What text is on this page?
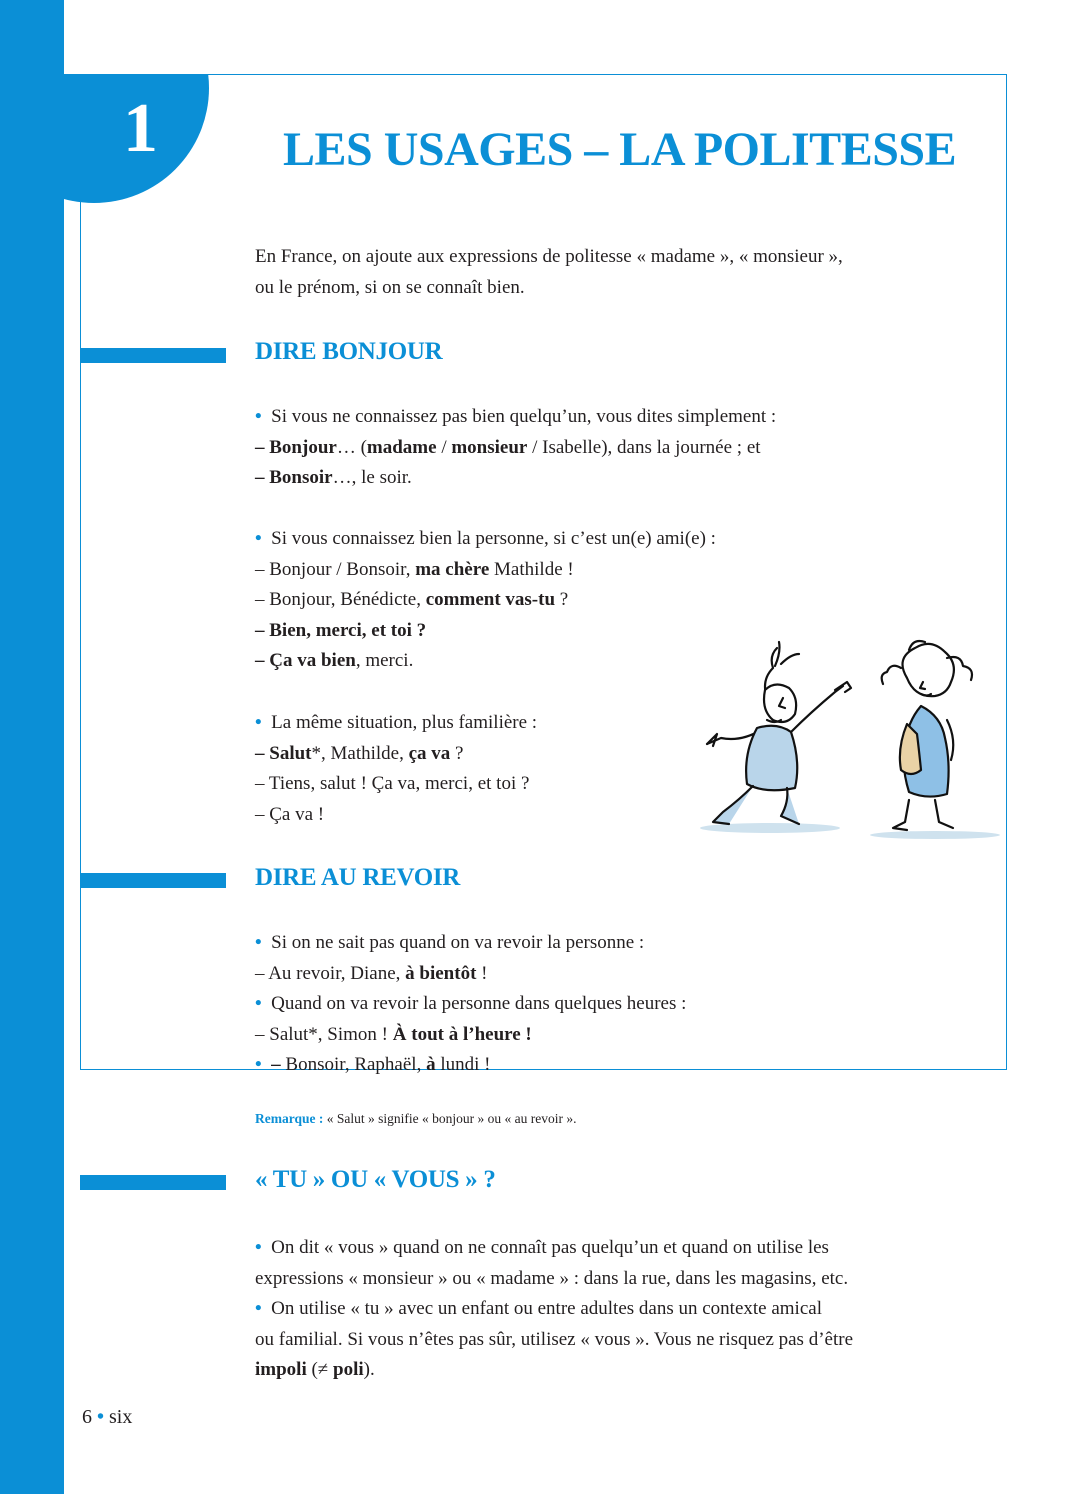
1	LES USAGES – LA POLITESSE

En France, on ajoute aux expressions de politesse « madame », « monsieur »,

ou le prénom, si on se connaît bien.

DIRE BONJOUR

• Si vous ne connaissez pas bien quelqu’un, vous dites simplement :

– Bonjour… (madame / monsieur / Isabelle), dans la journée ; et

– Bonsoir…, le soir.

• Si vous connaissez bien la personne, si c’est un(e) ami(e) :

– Bonjour / Bonsoir, ma chère Mathilde !

– Bonjour, Bénédicte, comment vas-tu ?

– Bien, merci, et toi ?

– Ça va bien, merci.

• La même situation, plus familière :

– Salut*, Mathilde, ça va ?

– Tiens, salut ! Ça va, merci, et toi ?

– Ça va !

DIRE AU REVOIR

• Si on ne sait pas quand on va revoir la personne :

– Au revoir, Diane, à bientôt !

• Quand on va revoir la personne dans quelques heures :

– Salut*, Simon ! À tout à l’heure !

• – Bonsoir, Raphaël, à lundi !

Remarque : « Salut » signifie « bonjour » ou « au revoir ».
« TU » OU « VOUS » ?

• On dit « vous » quand on ne connaît pas quelqu’un et quand on utilise les

expressions « monsieur » ou « madame » : dans la rue, dans les magasins, etc.

• On utilise « tu » avec un enfant ou entre adultes dans un contexte amical

ou familial. Si vous n’êtes pas sûr, utilisez « vous ». Vous ne risquez pas d’être

impoli (≠ poli).

6 • six
